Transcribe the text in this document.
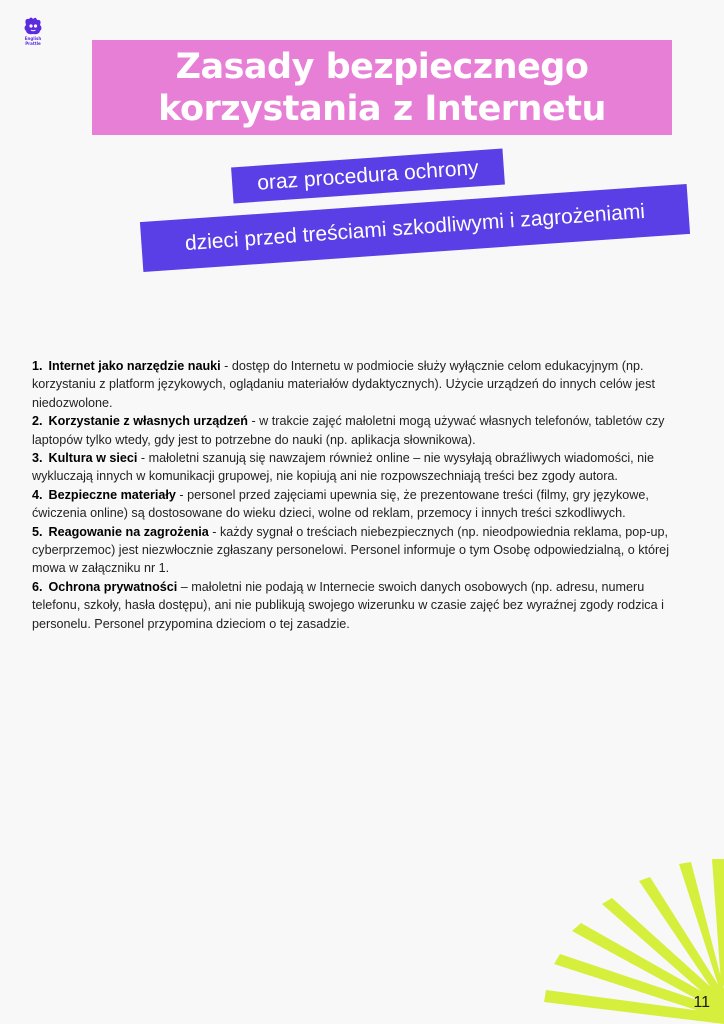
English
Prattle
Zasady bezpiecznego korzystania z Internetu
oraz procedura ochrony
dzieci przed treściami szkodliwymi i zagrożeniami

1. Internet jako narzędzie nauki - dostęp do Internetu w podmiocie służy wyłącznie celom edukacyjnym (np. korzystaniu z platform językowych, oglądaniu materiałów dydaktycznych). Użycie urządzeń do innych celów jest niedozwolone.

2. Korzystanie z własnych urządzeń - w trakcie zajęć małoletni mogą używać własnych telefonów, tabletów czy laptopów tylko wtedy, gdy jest to potrzebne do nauki (np. aplikacja słownikowa).

3. Kultura w sieci - małoletni szanują się nawzajem również online – nie wysyłają obraźliwych wiadomości, nie wykluczają innych w komunikacji grupowej, nie kopiują ani nie rozpowszechniają treści bez zgody autora.

4. Bezpieczne materiały - personel przed zajęciami upewnia się, że prezentowane treści (filmy, gry językowe, ćwiczenia online) są dostosowane do wieku dzieci, wolne od reklam, przemocy i innych treści szkodliwych.

5. Reagowanie na zagrożenia - każdy sygnał o treściach niebezpiecznych (np. nieodpowiednia reklama, pop-up, cyberprzemoc) jest niezwłocznie zgłaszany personelowi. Personel informuje o tym Osobę odpowiedzialną, o której mowa w załączniku nr 1.

6. Ochrona prywatności – małoletni nie podają w Internecie swoich danych osobowych (np. adresu, numeru telefonu, szkoły, hasła dostępu), ani nie publikują swojego wizerunku w czasie zajęć bez wyraźnej zgody rodzica i personelu. Personel przypomina dzieciom o tej zasadzie.

11
